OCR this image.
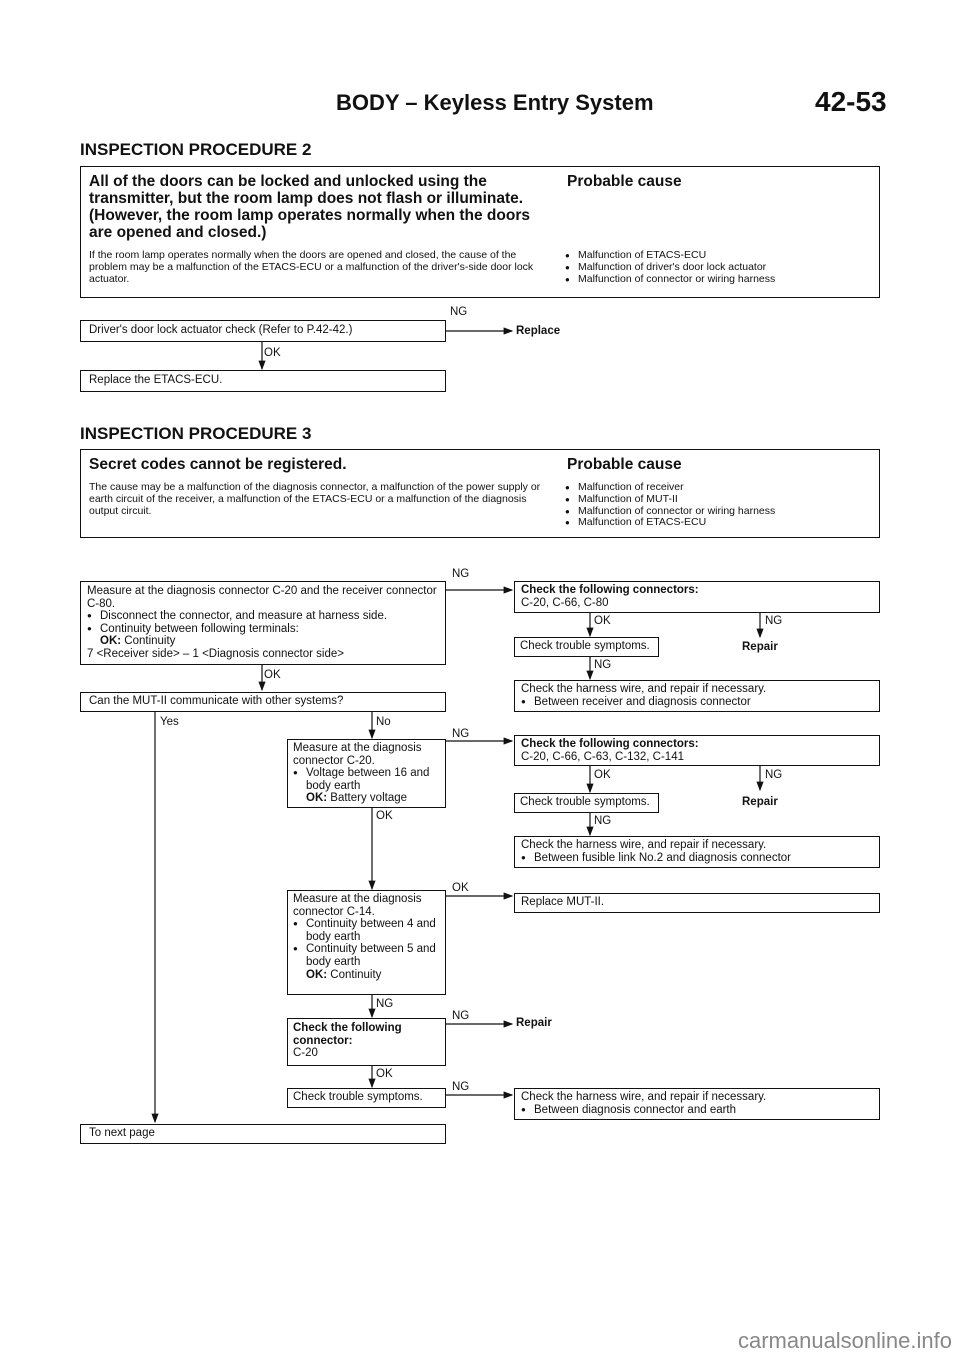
BODY – Keyless Entry System	42-53
INSPECTION PROCEDURE 2
All of the doors can be locked and unlocked using the transmitter, but the room lamp does not flash or illuminate. (However, the room lamp operates normally when the doors are opened and closed.)
Probable cause
If the room lamp operates normally when the doors are opened and closed, the cause of the problem may be a malfunction of the ETACS-ECU or a malfunction of the driver's-side door lock actuator.
● Malfunction of ETACS-ECU
● Malfunction of driver's door lock actuator
● Malfunction of connector or wiring harness
Driver's door lock actuator check (Refer to P.42-42.)
NG
Replace
OK
Replace the ETACS-ECU.
INSPECTION PROCEDURE 3
Secret codes cannot be registered.	Probable cause
The cause may be a malfunction of the diagnosis connector, a malfunction of the power supply or earth circuit of the receiver, a malfunction of the ETACS-ECU or a malfunction of the diagnosis output circuit.
● Malfunction of receiver
● Malfunction of MUT-II
● Malfunction of connector or wiring harness
● Malfunction of ETACS-ECU
Measure at the diagnosis connector C-20 and the receiver connector C-80.
● Disconnect the connector, and measure at harness side.
● Continuity between following terminals:
OK: Continuity
7 <Receiver side> – 1 <Diagnosis connector side>
NG
OK
Check the following connectors:
C-20, C-66, C-80
OK	NG
Check trouble symptoms.	Repair
NG
Check the harness wire, and repair if necessary.
● Between receiver and diagnosis connector
Can the MUT-II communicate with other systems?
Yes	No
Measure at the diagnosis connector C-20.
● Voltage between 16 and body earth
OK: Battery voltage
NG
OK
Check the following connectors:
C-20, C-66, C-63, C-132, C-141
OK	NG
Check trouble symptoms.	Repair
NG
Check the harness wire, and repair if necessary.
● Between fusible link No.2 and diagnosis connector
Measure at the diagnosis connector C-14.
● Continuity between 4 and body earth
● Continuity between 5 and body earth
OK: Continuity
OK
Replace MUT-II.
NG
Check the following connector:
C-20
NG
Repair
OK
Check trouble symptoms.
NG
Check the harness wire, and repair if necessary.
● Between diagnosis connector and earth
To next page
carmanualsonline.info
